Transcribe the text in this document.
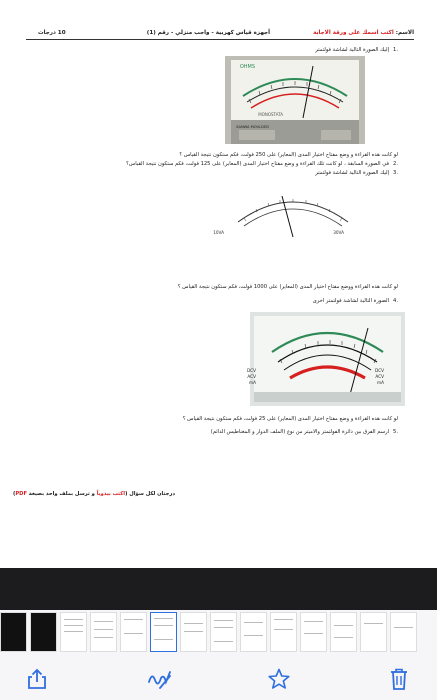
الاسم: اكتب اسمك على ورقة الاجابة
أجهزة قياس كهربية - واجب منزلي - رقم (1)
10 درجات
.1إليك الصورة التالية لشاشة فولتمتر
OHMS
MONOSTATA
SANWA MOULDED
لو كانت هذه القراءة و وضع مفتاح اختيار المدى (المعاير) على 250 فولت، فكم ستكون نتيجة القياس ؟
.2في الصورة السابقة ، لو كانت تلك القراءة و وضع مفتاح اختيار المدى (المعاير) على 125 فولت، فكم ستكون نتيجة القياس؟
.3إليك الصورة التالية لشاشة فولتمتر
10VA	30VA
لو كانت هذه القراءة ووضع مفتاح اختيار المدى (المعاير) على 1000 فولت، فكم ستكون نتيجة القياس ؟
.4الصورة التالية لشاشة فولتمتر اخرى
DCV
ACV
mA
DCV
ACV
mA
لو كانت هذه القراءة و وضع مفتاح اختيار المدى (المعاير) على 25 فولت، فكم ستكون نتيجة القياس ؟
.5ارسم الفرق بين دائرة الفولتمتر والاميتر من نوع (الملف الدوار و المغناطيس الدائم)
درجتان لكل سؤال (اكتب بيدوياً و ترسل بملف واحد بصيغة PDF)
